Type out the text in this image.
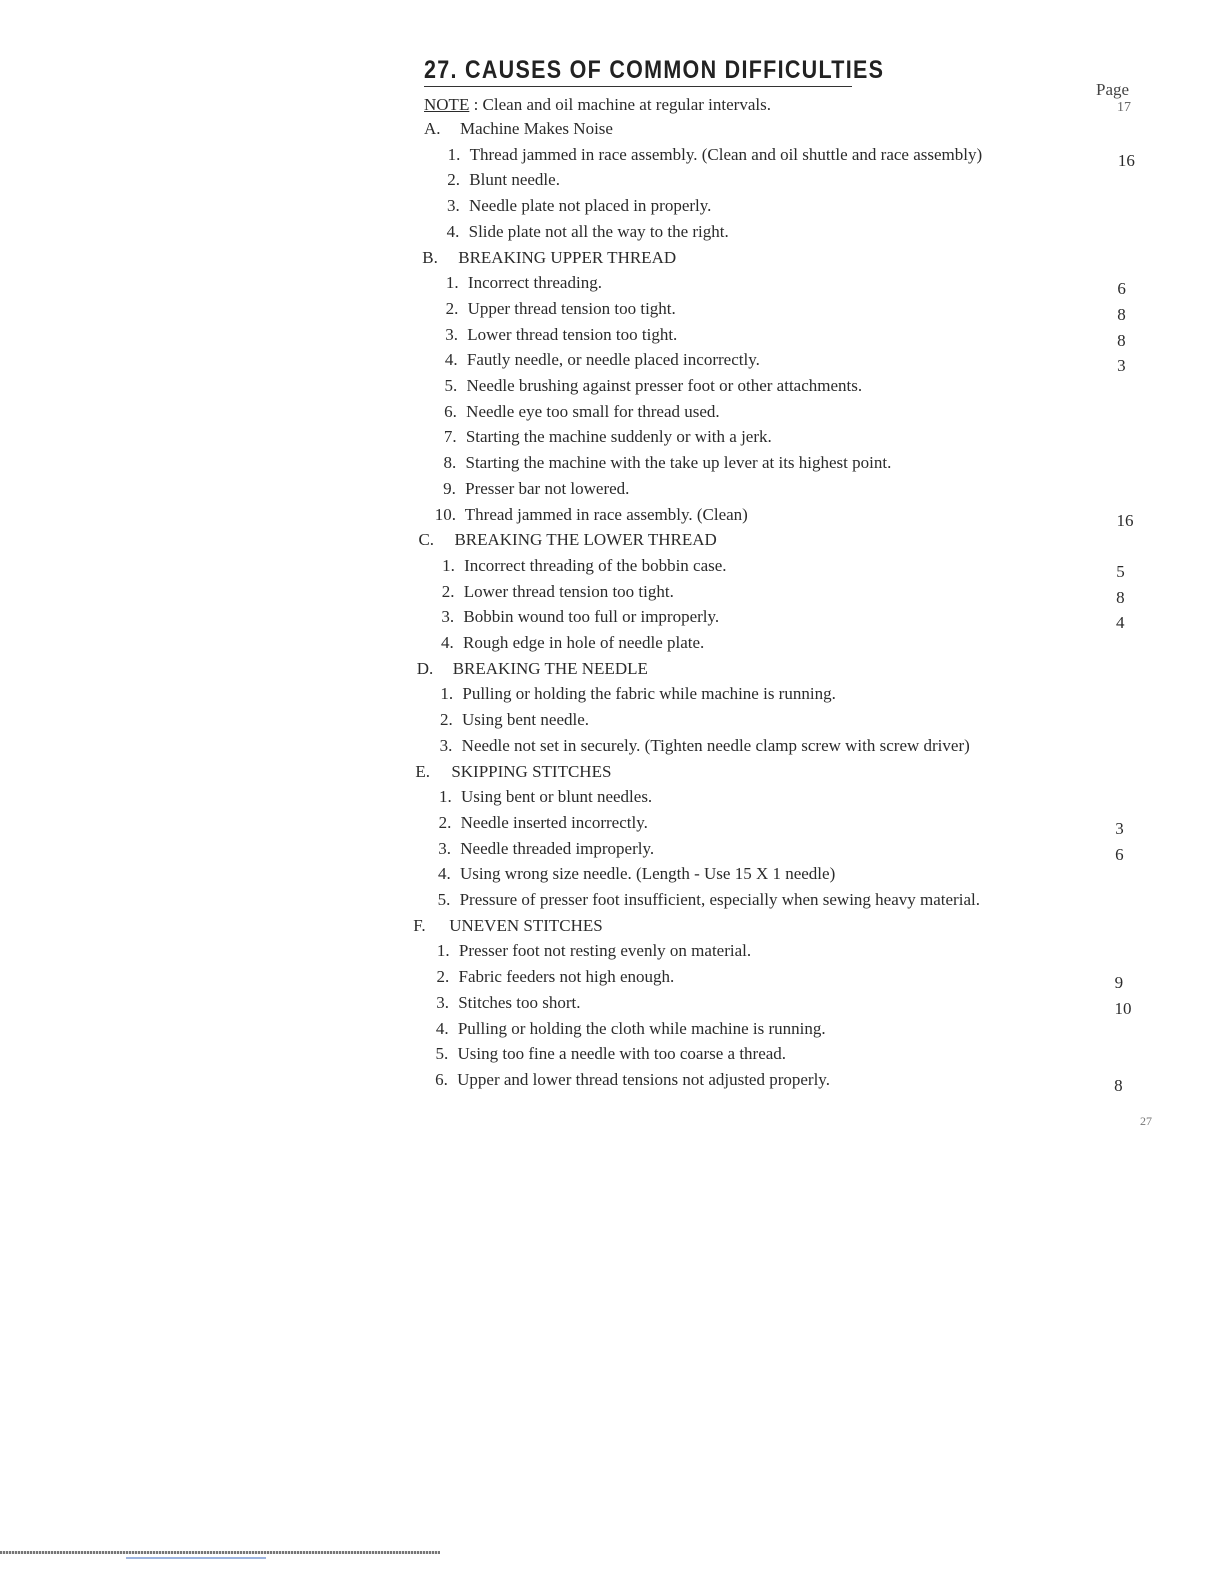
27. CAUSES OF COMMON DIFFICULTIES
Page
17
NOTE : Clean and oil machine at regular intervals.
A. Machine Makes Noise
1. Thread jammed in race assembly. (Clean and oil shuttle and race assembly)	16
2. Blunt needle.
3. Needle plate not placed in properly.
4. Slide plate not all the way to the right.
B. BREAKING UPPER THREAD
1. Incorrect threading.	6
2. Upper thread tension too tight.	8
3. Lower thread tension too tight.	8
4. Fautly needle, or needle placed incorrectly.	3
5. Needle brushing against presser foot or other attachments.
6. Needle eye too small for thread used.
7. Starting the machine suddenly or with a jerk.
8. Starting the machine with the take up lever at its highest point.
9. Presser bar not lowered.
10. Thread jammed in race assembly. (Clean)	16
C. BREAKING THE LOWER THREAD
1. Incorrect threading of the bobbin case.	5
2. Lower thread tension too tight.	8
3. Bobbin wound too full or improperly.	4
4. Rough edge in hole of needle plate.
D. BREAKING THE NEEDLE
1. Pulling or holding the fabric while machine is running.
2. Using bent needle.
3. Needle not set in securely. (Tighten needle clamp screw with screw driver)
E. SKIPPING STITCHES
1. Using bent or blunt needles.
2. Needle inserted incorrectly.	3
3. Needle threaded improperly.	6
4. Using wrong size needle. (Length - Use 15 X 1 needle)
5. Pressure of presser foot insufficient, especially when sewing heavy material.
F. UNEVEN STITCHES
1. Presser foot not resting evenly on material.
2. Fabric feeders not high enough.	9
3. Stitches too short.	10
4. Pulling or holding the cloth while machine is running.
5. Using too fine a needle with too coarse a thread.
6. Upper and lower thread tensions not adjusted properly.	8
27
